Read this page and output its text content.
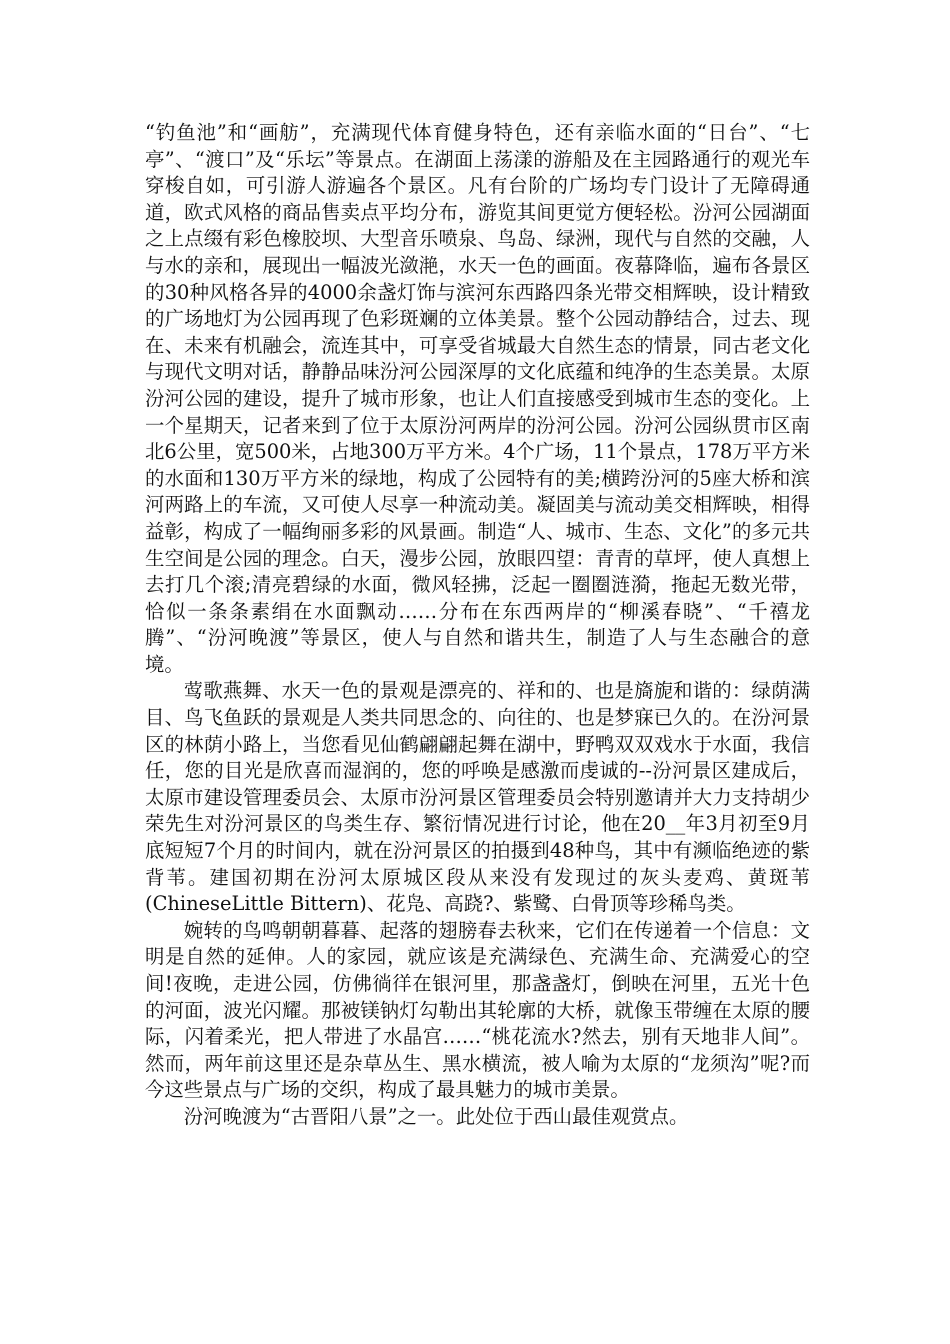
“钓鱼池”和“画舫”，充满现代体育健身特色，还有亲临水面的“日台”、“七亭”、“渡口”及“乐坛”等景点。在湖面上荡漾的游船及在主园路通行的观光车穿梭自如，可引游人游遍各个景区。凡有台阶的广场均专门设计了无障碍通道，欧式风格的商品售卖点平均分布，游览其间更觉方便轻松。汾河公园湖面之上点缀有彩色橡胶坝、大型音乐喷泉、鸟岛、绿洲，现代与自然的交融，人与水的亲和，展现出一幅波光潋滟，水天一色的画面。夜幕降临，遍布各景区的30种风格各异的4000余盏灯饰与滨河东西路四条光带交相辉映，设计精致的广场地灯为公园再现了色彩斑斓的立体美景。整个公园动静结合，过去、现在、未来有机融会，流连其中，可享受省城最大自然生态的情景，同古老文化与现代文明对话，静静品味汾河公园深厚的文化底蕴和纯净的生态美景。太原汾河公园的建设，提升了城市形象，也让人们直接感受到城市生态的变化。上一个星期天，记者来到了位于太原汾河两岸的汾河公园。汾河公园纵贯市区南北6公里，宽500米，占地300万平方米。4个广场，11个景点，178万平方米的水面和130万平方米的绿地，构成了公园特有的美;横跨汾河的5座大桥和滨河两路上的车流，又可使人尽享一种流动美。凝固美与流动美交相辉映，相得益彰，构成了一幅绚丽多彩的风景画。制造“人、城市、生态、文化”的多元共生空间是公园的理念。白天，漫步公园，放眼四望：青青的草坪，使人真想上去打几个滚;清亮碧绿的水面，微风轻拂，泛起一圈圈涟漪，拖起无数光带，恰似一条条素绢在水面飘动……分布在东西两岸的“柳溪春晓”、“千禧龙腾”、“汾河晚渡”等景区，使人与自然和谐共生，制造了人与生态融合的意境。

莺歌燕舞、水天一色的景观是漂亮的、祥和的、也是旖旎和谐的：绿荫满目、鸟飞鱼跃的景观是人类共同思念的、向往的、也是梦寐已久的。在汾河景区的林荫小路上，当您看见仙鹤翩翩起舞在湖中，野鸭双双戏水于水面，我信任，您的目光是欣喜而湿润的，您的呼唤是感激而虔诚的--汾河景区建成后，太原市建设管理委员会、太原市汾河景区管理委员会特别邀请并大力支持胡少荣先生对汾河景区的鸟类生存、繁衍情况进行讨论，他在20__年3月初至9月底短短7个月的时间内，就在汾河景区的拍摄到48种鸟，其中有濒临绝迹的紫背苇。建国初期在汾河太原城区段从来没有发现过的灰头麦鸡、黄斑苇(ChineseLittle Bittern)、花凫、高跷?、紫鹭、白骨顶等珍稀鸟类。

婉转的鸟鸣朝朝暮暮、起落的翅膀春去秋来，它们在传递着一个信息：文明是自然的延伸。人的家园，就应该是充满绿色、充满生命、充满爱心的空间!夜晚，走进公园，仿佛徜徉在银河里，那盏盏灯，倒映在河里，五光十色的河面，波光闪耀。那被镁钠灯勾勒出其轮廓的大桥，就像玉带缠在太原的腰际，闪着柔光，把人带进了水晶宫……“桃花流水?然去，别有天地非人间”。然而，两年前这里还是杂草丛生、黑水横流，被人喻为太原的“龙须沟”呢?而今这些景点与广场的交织，构成了最具魅力的城市美景。

汾河晚渡为“古晋阳八景”之一。此处位于西山最佳观赏点。
